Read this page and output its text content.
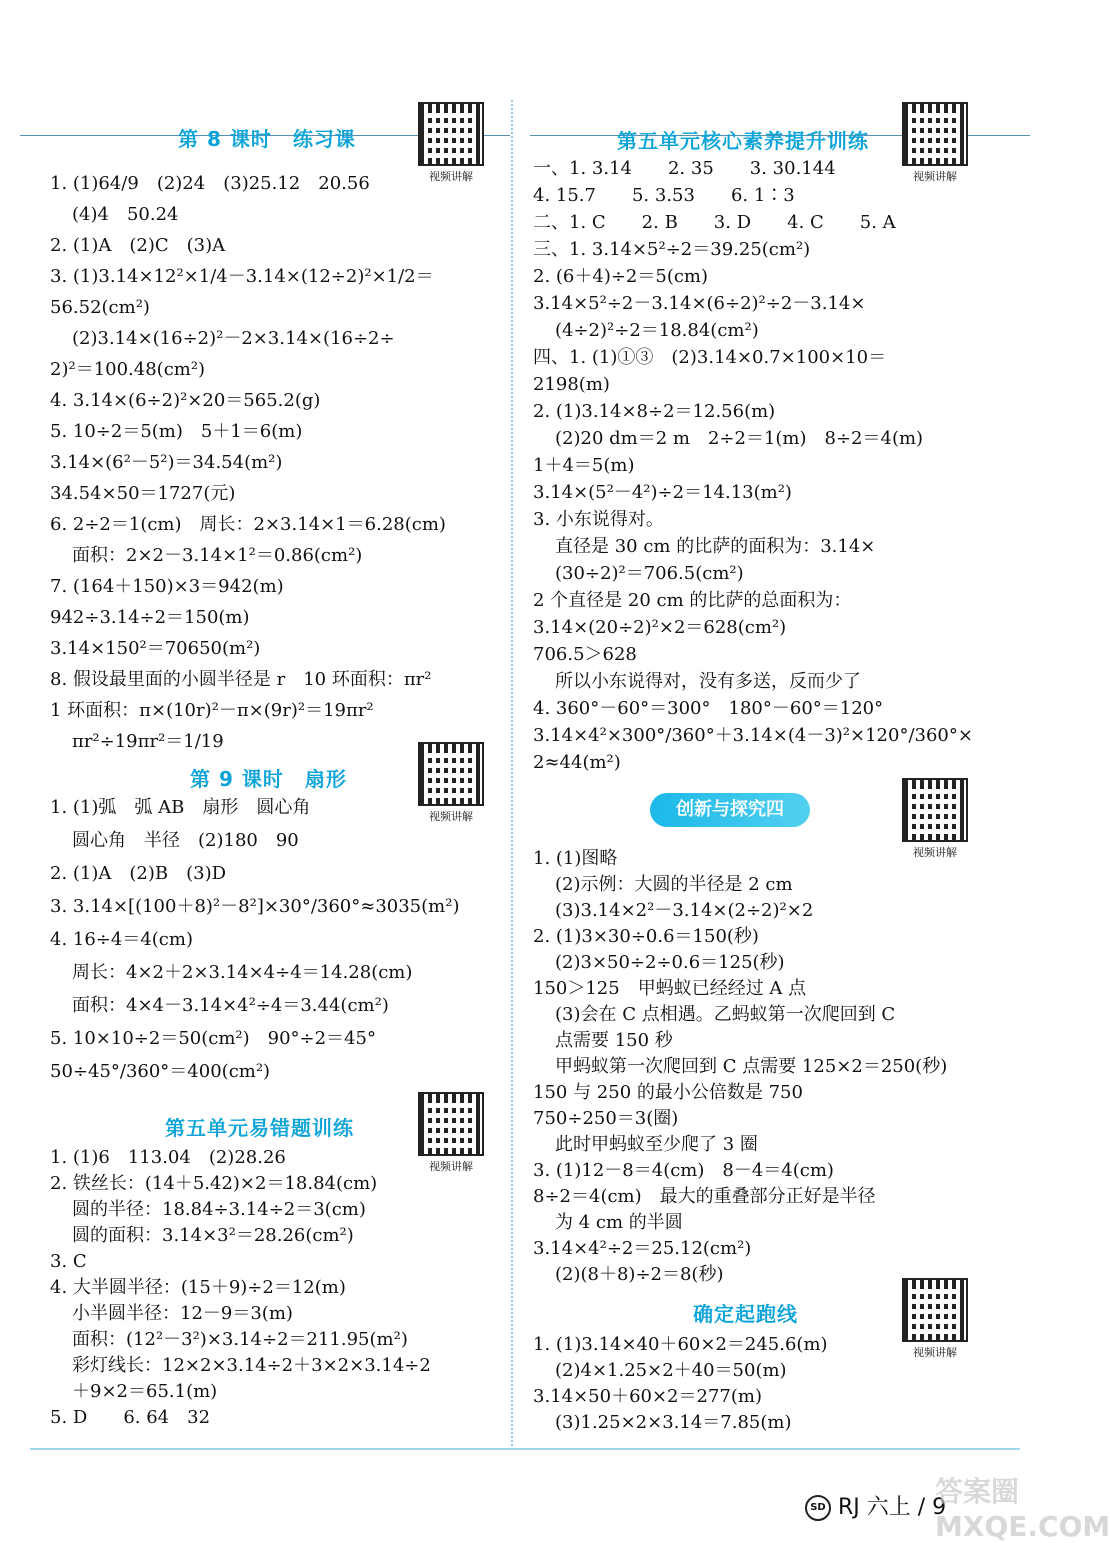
第 8 课时　练习课
第 9 课时　扇形
第五单元易错题训练
第五单元核心素养提升训练
创新与探究四
确定起跑线
视频讲解
视频讲解
视频讲解
视频讲解
视频讲解
视频讲解
1. (1)64/9　(2)24　(3)25.12　20.56
(4)4　50.24
2. (1)A　(2)C　(3)A
3. (1)3.14×12²×1/4－3.14×(12÷2)²×1/2＝
56.52(cm²)
(2)3.14×(16÷2)²－2×3.14×(16÷2÷
2)²＝100.48(cm²)
4. 3.14×(6÷2)²×20＝565.2(g)
5. 10÷2＝5(m)　5＋1＝6(m)
3.14×(6²－5²)＝34.54(m²)
34.54×50＝1727(元)
6. 2÷2＝1(cm)　周长：2×3.14×1＝6.28(cm)
面积：2×2－3.14×1²＝0.86(cm²)
7. (164＋150)×3＝942(m)
942÷3.14÷2＝150(m)
3.14×150²＝70650(m²)
8. 假设最里面的小圆半径是 r　10 环面积：πr²
1 环面积：π×(10r)²－π×(9r)²＝19πr²
πr²÷19πr²＝1/19
1. (1)弧　弧 AB　扇形　圆心角
圆心角　半径　(2)180　90
2. (1)A　(2)B　(3)D
3. 3.14×[(100＋8)²－8²]×30°/360°≈3035(m²)
4. 16÷4＝4(cm)
周长：4×2＋2×3.14×4÷4＝14.28(cm)
面积：4×4－3.14×4²÷4＝3.44(cm²)
5. 10×10÷2＝50(cm²)　90°÷2＝45°
50÷45°/360°＝400(cm²)
1. (1)6　113.04　(2)28.26
2. 铁丝长：(14＋5.42)×2＝18.84(cm)
圆的半径：18.84÷3.14÷2＝3(cm)
圆的面积：3.14×3²＝28.26(cm²)
3. C
4. 大半圆半径：(15＋9)÷2＝12(m)
小半圆半径：12－9＝3(m)
面积：(12²－3²)×3.14÷2＝211.95(m²)
彩灯线长：12×2×3.14÷2＋3×2×3.14÷2
＋9×2＝65.1(m)
5. D　　6. 64　32
一、1. 3.14　　2. 35　　3. 30.144
4. 15.7　　5. 3.53　　6. 1∶3
二、1. C　　2. B　　3. D　　4. C　　5. A
三、1. 3.14×5²÷2＝39.25(cm²)
2. (6＋4)÷2＝5(cm)
3.14×5²÷2－3.14×(6÷2)²÷2－3.14×
(4÷2)²÷2＝18.84(cm²)
四、1. (1)①③　(2)3.14×0.7×100×10＝
2198(m)
2. (1)3.14×8÷2＝12.56(m)
(2)20 dm＝2 m　2÷2＝1(m)　8÷2＝4(m)
1＋4＝5(m)
3.14×(5²－4²)÷2＝14.13(m²)
3. 小东说得对。
直径是 30 cm 的比萨的面积为：3.14×
(30÷2)²＝706.5(cm²)
2 个直径是 20 cm 的比萨的总面积为：
3.14×(20÷2)²×2＝628(cm²)
706.5＞628
所以小东说得对，没有多送，反而少了
4. 360°－60°＝300°　180°－60°＝120°
3.14×4²×300°/360°＋3.14×(4－3)²×120°/360°×
2≈44(m²)
1. (1)图略
(2)示例：大圆的半径是 2 cm
(3)3.14×2²－3.14×(2÷2)²×2
2. (1)3×30÷0.6＝150(秒)
(2)3×50÷2÷0.6＝125(秒)
150＞125　甲蚂蚁已经经过 A 点
(3)会在 C 点相遇。乙蚂蚁第一次爬回到 C
点需要 150 秒
甲蚂蚁第一次爬回到 C 点需要 125×2＝250(秒)
150 与 250 的最小公倍数是 750
750÷250＝3(圈)
此时甲蚂蚁至少爬了 3 圈
3. (1)12－8＝4(cm)　8－4＝4(cm)
8÷2＝4(cm)　最大的重叠部分正好是半径
为 4 cm 的半圆
3.14×4²÷2＝25.12(cm²)
(2)(8＋8)÷2＝8(秒)
1. (1)3.14×40＋60×2＝245.6(m)
(2)4×1.25×2＋40＝50(m)
3.14×50＋60×2＝277(m)
(3)1.25×2×3.14＝7.85(m)
SD RJ 六上 / 9
答案圈 MXQE.COM
